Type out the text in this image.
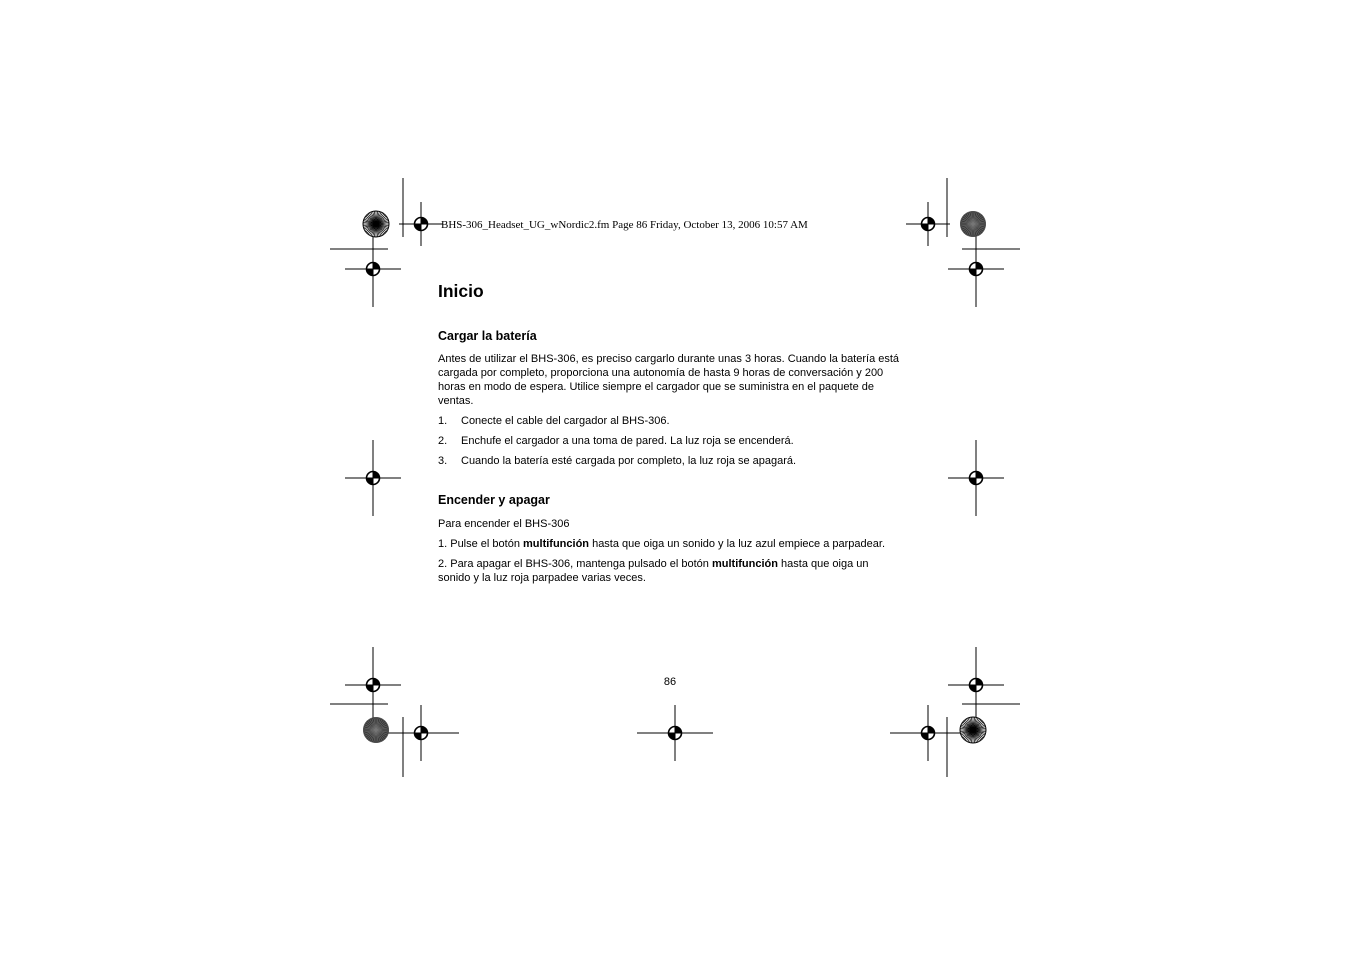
BHS-306_Headset_UG_wNordic2.fm Page 86 Friday, October 13, 2006 10:57 AM
Inicio
Cargar la batería
Antes de utilizar el BHS-306, es preciso cargarlo durante unas 3 horas. Cuando la batería está
cargada por completo, proporciona una autonomía de hasta 9 horas de conversación y 200
horas en modo de espera. Utilice siempre el cargador que se suministra en el paquete de
ventas.
1. Conecte el cable del cargador al BHS-306.
2. Enchufe el cargador a una toma de pared. La luz roja se encenderá.
3. Cuando la batería esté cargada por completo, la luz roja se apagará.
Encender y apagar
Para encender el BHS-306
1. Pulse el botón multifunción hasta que oiga un sonido y la luz azul empiece a parpadear.
2. Para apagar el BHS-306, mantenga pulsado el botón multifunción hasta que oiga un
sonido y la luz roja parpadee varias veces.
86
